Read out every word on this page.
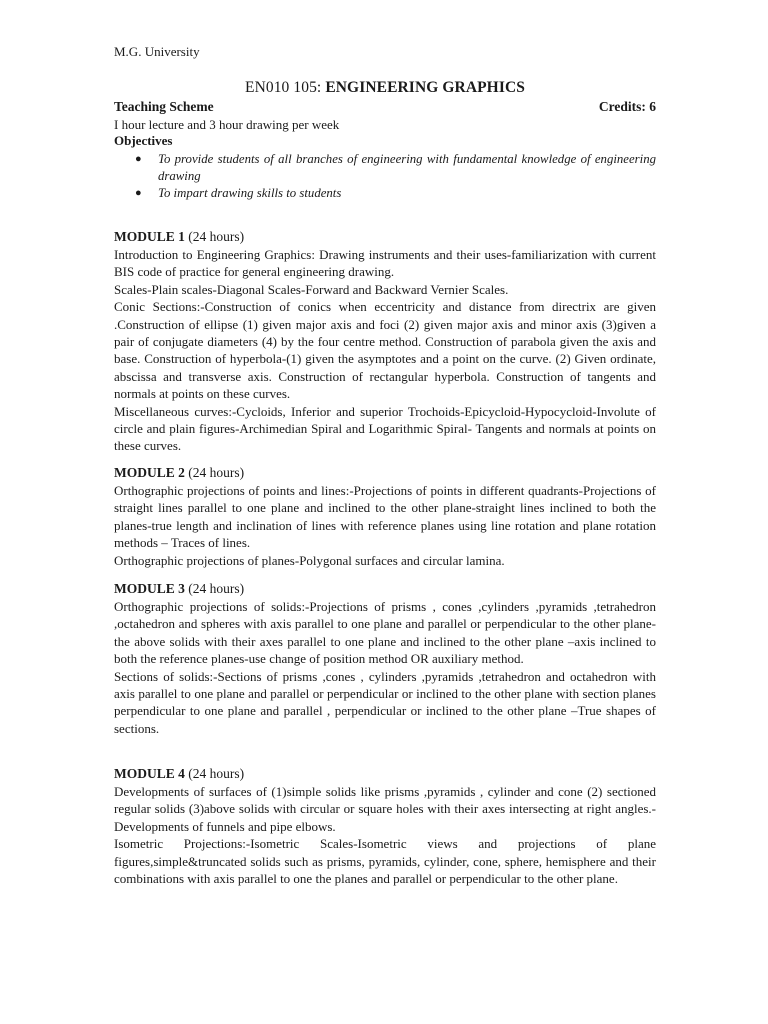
M.G. University
EN010 105: ENGINEERING GRAPHICS
Teaching Scheme	Credits: 6
I hour lecture and 3 hour drawing per week
Objectives
● To provide students of all branches of engineering with fundamental knowledge of engineering drawing
● To impart drawing skills to students
MODULE 1 (24 hours)

Introduction to Engineering Graphics: Drawing instruments and their uses-familiarization with current BIS code of practice for general engineering drawing.

Scales-Plain scales-Diagonal Scales-Forward and Backward Vernier Scales.

Conic Sections:-Construction of conics when eccentricity and distance from directrix are given .Construction of ellipse (1) given major axis and foci (2) given major axis and minor axis (3)given a pair of conjugate diameters (4) by the four centre method. Construction of parabola given the axis and base. Construction of hyperbola-(1) given the asymptotes and a point on the curve. (2) Given ordinate, abscissa and transverse axis. Construction of rectangular hyperbola. Construction of tangents and normals at points on these curves.

Miscellaneous curves:-Cycloids, Inferior and superior Trochoids-Epicycloid-Hypocycloid-Involute of circle and plain figures-Archimedian Spiral and Logarithmic Spiral- Tangents and normals at points on these curves.

MODULE 2 (24 hours)

Orthographic projections of points and lines:-Projections of points in different quadrants-Projections of straight lines parallel to one plane and inclined to the other plane-straight lines inclined to both the planes-true length and inclination of lines with reference planes using line rotation and plane rotation methods – Traces of lines.

Orthographic projections of planes-Polygonal surfaces and circular lamina.

MODULE 3 (24 hours)

Orthographic projections of solids:-Projections of prisms , cones ,cylinders ,pyramids ,tetrahedron ,octahedron and spheres with axis parallel to one plane and parallel or perpendicular to the other plane-the above solids with their axes parallel to one plane and inclined to the other plane –axis inclined to both the reference planes-use change of position method OR auxiliary method.

Sections of solids:-Sections of prisms ,cones , cylinders ,pyramids ,tetrahedron and octahedron with axis parallel to one plane and parallel or perpendicular or inclined to the other plane with section planes perpendicular to one plane and parallel , perpendicular or inclined to the other plane –True shapes of sections.

MODULE 4 (24 hours)

Developments of surfaces of (1)simple solids like prisms ,pyramids , cylinder and cone (2) sectioned regular solids (3)above solids with circular or square holes with their axes intersecting at right angles.-Developments of funnels and pipe elbows.

Isometric Projections:-Isometric Scales-Isometric views and projections of plane figures,simple&truncated solids such as prisms, pyramids, cylinder, cone, sphere, hemisphere and their combinations with axis parallel to one the planes and parallel or perpendicular to the other plane.
